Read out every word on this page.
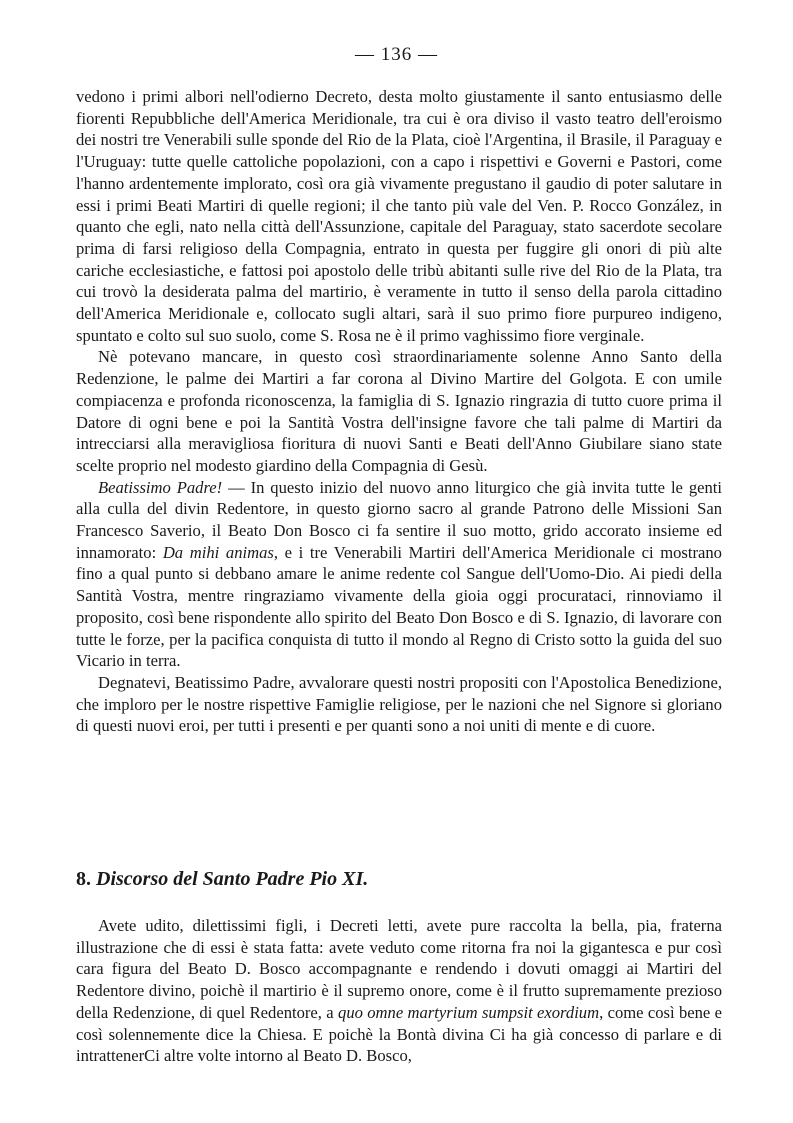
— 136 —

vedono i primi albori nell'odierno Decreto, desta molto giustamente il santo entusiasmo delle fiorenti Repubbliche dell'America Meridionale, tra cui è ora diviso il vasto teatro dell'eroismo dei nostri tre Venerabili sulle sponde del Rio de la Plata, cioè l'Argentina, il Brasile, il Paraguay e l'Uruguay: tutte quelle cattoliche popolazioni, con a capo i rispettivi e Governi e Pastori, come l'hanno ardentemente implorato, così ora già vivamente pregustano il gaudio di poter salutare in essi i primi Beati Martiri di quelle regioni; il che tanto più vale del Ven. P. Rocco González, in quanto che egli, nato nella città dell'Assunzione, capitale del Paraguay, stato sacerdote secolare prima di farsi religioso della Compagnia, entrato in questa per fuggire gli onori di più alte cariche ecclesiastiche, e fattosi poi apostolo delle tribù abitanti sulle rive del Rio de la Plata, tra cui trovò la desiderata palma del martirio, è veramente in tutto il senso della parola cittadino dell'America Meridionale e, collocato sugli altari, sarà il suo primo fiore purpureo indigeno, spuntato e colto sul suo suolo, come S. Rosa ne è il primo vaghissimo fiore verginale.

Nè potevano mancare, in questo così straordinariamente solenne Anno Santo della Redenzione, le palme dei Martiri a far corona al Divino Martire del Golgota. E con umile compiacenza e profonda riconoscenza, la famiglia di S. Ignazio ringrazia di tutto cuore prima il Datore di ogni bene e poi la Santità Vostra dell'insigne favore che tali palme di Martiri da intrecciarsi alla meravigliosa fioritura di nuovi Santi e Beati dell'Anno Giubilare siano state scelte proprio nel modesto giardino della Compagnia di Gesù.

Beatissimo Padre! — In questo inizio del nuovo anno liturgico che già invita tutte le genti alla culla del divin Redentore, in questo giorno sacro al grande Patrono delle Missioni San Francesco Saverio, il Beato Don Bosco ci fa sentire il suo motto, grido accorato insieme ed innamorato: Da mihi animas, e i tre Venerabili Martiri dell'America Meridionale ci mostrano fino a qual punto si debbano amare le anime redente col Sangue dell'Uomo-Dio. Ai piedi della Santità Vostra, mentre ringraziamo vivamente della gioia oggi procurataci, rinnoviamo il proposito, così bene rispondente allo spirito del Beato Don Bosco e di S. Ignazio, di lavorare con tutte le forze, per la pacifica conquista di tutto il mondo al Regno di Cristo sotto la guida del suo Vicario in terra.

Degnatevi, Beatissimo Padre, avvalorare questi nostri propositi con l'Apostolica Benedizione, che imploro per le nostre rispettive Famiglie religiose, per le nazioni che nel Signore si gloriano di questi nuovi eroi, per tutti i presenti e per quanti sono a noi uniti di mente e di cuore.

8. Discorso del Santo Padre Pio XI.

Avete udito, dilettissimi figli, i Decreti letti, avete pure raccolta la bella, pia, fraterna illustrazione che di essi è stata fatta: avete veduto come ritorna fra noi la gigantesca e pur così cara figura del Beato D. Bosco accompagnante e rendendo i dovuti omaggi ai Martiri del Redentore divino, poichè il martirio è il supremo onore, come è il frutto supremamente prezioso della Redenzione, di quel Redentore, a quo omne martyrium sumpsit exordium, come così bene e così solennemente dice la Chiesa. E poichè la Bontà divina Ci ha già concesso di parlare e di intrattenerCi altre volte intorno al Beato D. Bosco,
